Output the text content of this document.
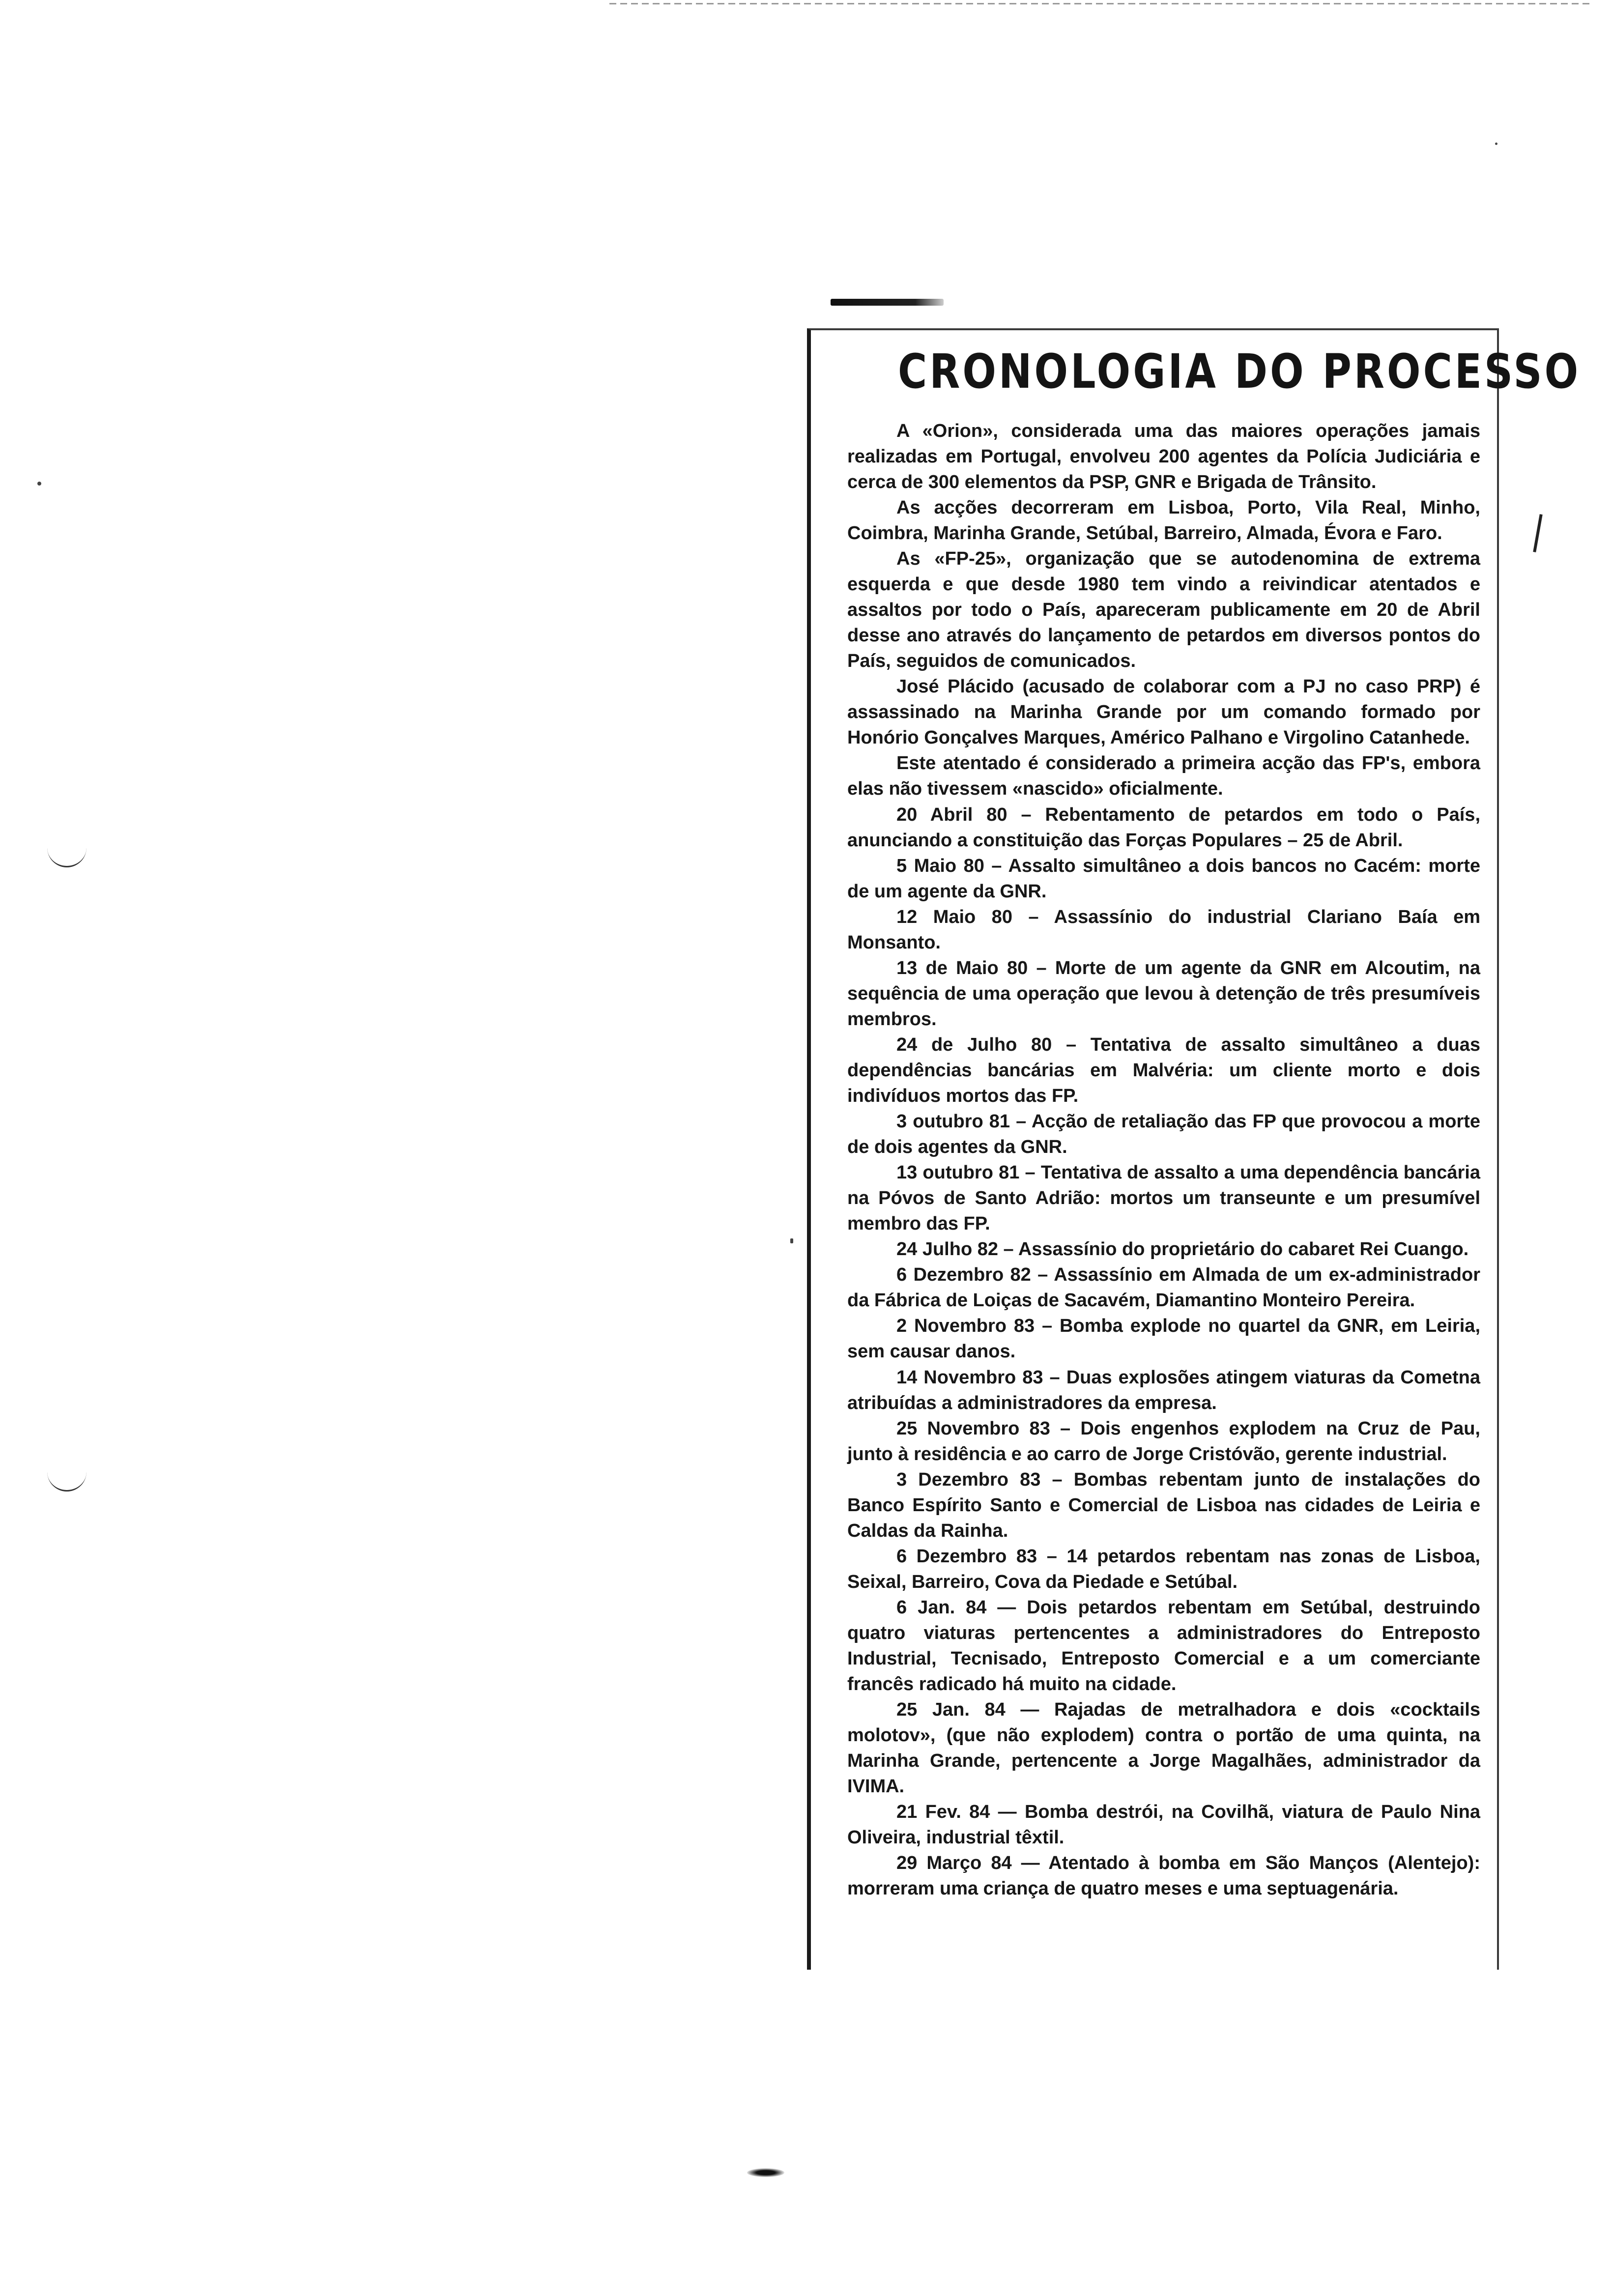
CRONOLOGIA DO PROCESSO

A «Orion», considerada uma das maiores operações jamais realizadas em Portugal, envolveu 200 agentes da Polícia Judiciária e cerca de 300 elementos da PSP, GNR e Brigada de Trânsito.

As acções decorreram em Lisboa, Porto, Vila Real, Minho, Coimbra, Marinha Grande, Setúbal, Barreiro, Almada, Évora e Faro.

As «FP-25», organização que se autodenomina de extrema esquerda e que desde 1980 tem vindo a reivindicar atentados e assaltos por todo o País, apareceram publicamente em 20 de Abril desse ano através do lançamento de petardos em diversos pontos do País, seguidos de comunicados.

José Plácido (acusado de colaborar com a PJ no caso PRP) é assassinado na Marinha Grande por um comando formado por Honório Gonçalves Marques, Américo Palhano e Virgolino Catanhede.

Este atentado é considerado a primeira acção das FP's, embora elas não tivessem «nascido» oficialmente.

20 Abril 80 – Rebentamento de petardos em todo o País, anunciando a constituição das Forças Populares – 25 de Abril.

5 Maio 80 – Assalto simultâneo a dois bancos no Cacém: morte de um agente da GNR.

12 Maio 80 – Assassínio do industrial Clariano Baía em Monsanto.

13 de Maio 80 – Morte de um agente da GNR em Alcoutim, na sequência de uma operação que levou à detenção de três presumíveis membros.

24 de Julho 80 – Tentativa de assalto simultâneo a duas dependências bancárias em Malvéria: um cliente morto e dois indivíduos mortos das FP.

3 outubro 81 – Acção de retaliação das FP que provocou a morte de dois agentes da GNR.

13 outubro 81 – Tentativa de assalto a uma dependência bancária na Póvos de Santo Adrião: mortos um transeunte e um presumível membro das FP.

24 Julho 82 – Assassínio do proprietário do cabaret Rei Cuango.

6 Dezembro 82 – Assassínio em Almada de um ex-administrador da Fábrica de Loiças de Sacavém, Diamantino Monteiro Pereira.

2 Novembro 83 – Bomba explode no quartel da GNR, em Leiria, sem causar danos.

14 Novembro 83 – Duas explosões atingem viaturas da Cometna atribuídas a administradores da empresa.

25 Novembro 83 – Dois engenhos explodem na Cruz de Pau, junto à residência e ao carro de Jorge Cristóvão, gerente industrial.

3 Dezembro 83 – Bombas rebentam junto de instalações do Banco Espírito Santo e Comercial de Lisboa nas cidades de Leiria e Caldas da Rainha.

6 Dezembro 83 – 14 petardos rebentam nas zonas de Lisboa, Seixal, Barreiro, Cova da Piedade e Setúbal.

6 Jan. 84 — Dois petardos rebentam em Setúbal, destruindo quatro viaturas pertencentes a administradores do Entreposto Industrial, Tecnisado, Entreposto Comercial e a um comerciante francês radicado há muito na cidade.

25 Jan. 84 — Rajadas de metralhadora e dois «cocktails molotov», (que não explodem) contra o portão de uma quinta, na Marinha Grande, pertencente a Jorge Magalhães, administrador da IVIMA.

21 Fev. 84 — Bomba destrói, na Covilhã, viatura de Paulo Nina Oliveira, industrial têxtil.

29 Março 84 — Atentado à bomba em São Manços (Alentejo): morreram uma criança de quatro meses e uma septuagenária.
